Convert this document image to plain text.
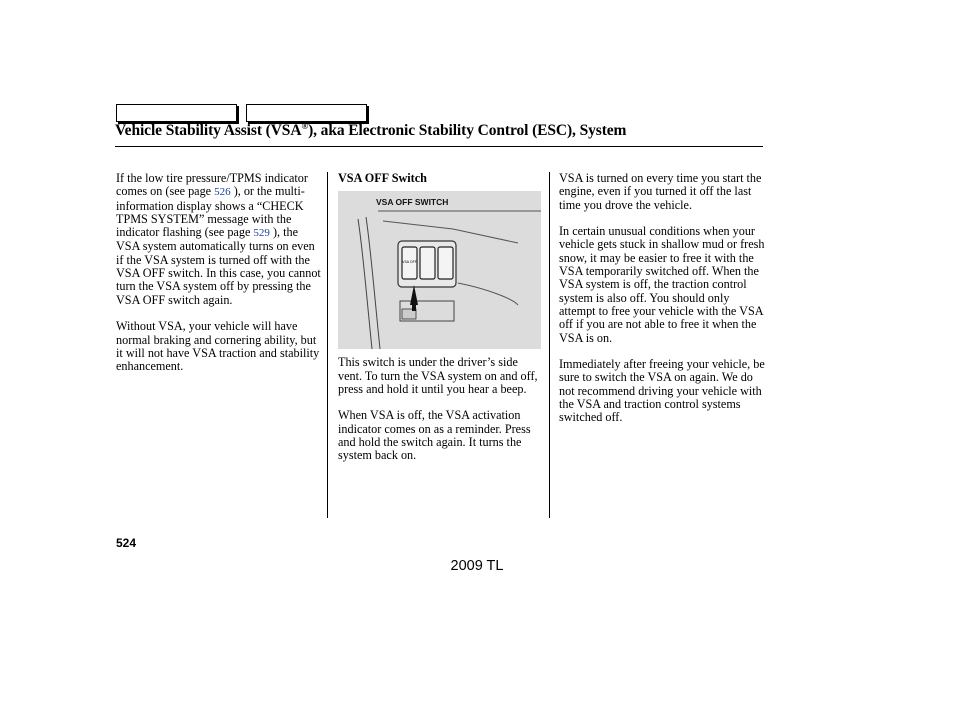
Vehicle Stability Assist (VSA®), aka Electronic Stability Control (ESC), System

If the low tire pressure/TPMS indicator comes on (see page 526 ), or the multi-information display shows a “CHECK TPMS SYSTEM” message with the indicator flashing (see page 529 ), the VSA system automatically turns on even if the VSA system is turned off with the VSA OFF switch. In this case, you cannot turn the VSA system off by pressing the VSA OFF switch again.

Without VSA, your vehicle will have normal braking and cornering ability, but it will not have VSA traction and stability enhancement.

VSA OFF Switch

VSA OFF
VSA OFF SWITCH

This switch is under the driver’s side vent. To turn the VSA system on and off, press and hold it until you hear a beep.

When VSA is off, the VSA activation indicator comes on as a reminder. Press and hold the switch again. It turns the system back on.

VSA is turned on every time you start the engine, even if you turned it off the last time you drove the vehicle.

In certain unusual conditions when your vehicle gets stuck in shallow mud or fresh snow, it may be easier to free it with the VSA temporarily switched off. When the VSA system is off, the traction control system is also off. You should only attempt to free your vehicle with the VSA off if you are not able to free it when the VSA is on.

Immediately after freeing your vehicle, be sure to switch the VSA on again. We do not recommend driving your vehicle with the VSA and traction control systems switched off.

524
2009 TL
